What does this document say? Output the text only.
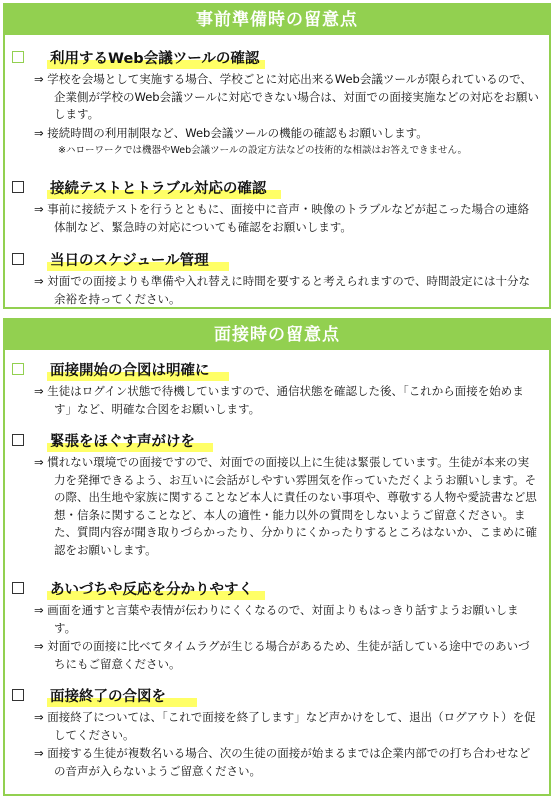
事前準備時の留意点
利用するWeb会議ツールの確認
⇒ 学校を会場として実施する場合、学校ごとに対応出来るWeb会議ツールが限られているので、企業側が学校のWeb会議ツールに対応できない場合は、対面での面接実施などの対応をお願いします。
⇒ 接続時間の利用制限など、Web会議ツールの機能の確認もお願いします。
※ハローワークでは機器やWeb会議ツールの設定方法などの技術的な相談はお答えできません。
接続テストとトラブル対応の確認
⇒ 事前に接続テストを行うとともに、面接中に音声・映像のトラブルなどが起こった場合の連絡体制など、緊急時の対応についても確認をお願いします。
当日のスケジュール管理
⇒ 対面での面接よりも準備や入れ替えに時間を要すると考えられますので、時間設定には十分な余裕を持ってください。
面接時の留意点
面接開始の合図は明確に
⇒ 生徒はログイン状態で待機していますので、通信状態を確認した後、「これから面接を始めます」など、明確な合図をお願いします。
緊張をほぐす声がけを
⇒ 慣れない環境での面接ですので、対面での面接以上に生徒は緊張しています。生徒が本来の実力を発揮できるよう、お互いに会話がしやすい雰囲気を作っていただくようお願いします。その際、出生地や家族に関することなど本人に責任のない事項や、尊敬する人物や愛読書など思想・信条に関することなど、本人の適性・能力以外の質問をしないようご留意ください。また、質問内容が聞き取りづらかったり、分かりにくかったりするところはないか、こまめに確認をお願いします。
あいづちや反応を分かりやすく
⇒ 画面を通すと言葉や表情が伝わりにくくなるので、対面よりもはっきり話すようお願いします。
⇒ 対面での面接に比べてタイムラグが生じる場合があるため、生徒が話している途中でのあいづちにもご留意ください。
面接終了の合図を
⇒ 面接終了については、「これで面接を終了します」など声かけをして、退出（ログアウト）を促してください。
⇒ 面接する生徒が複数名いる場合、次の生徒の面接が始まるまでは企業内部での打ち合わせなどの音声が入らないようご留意ください。
